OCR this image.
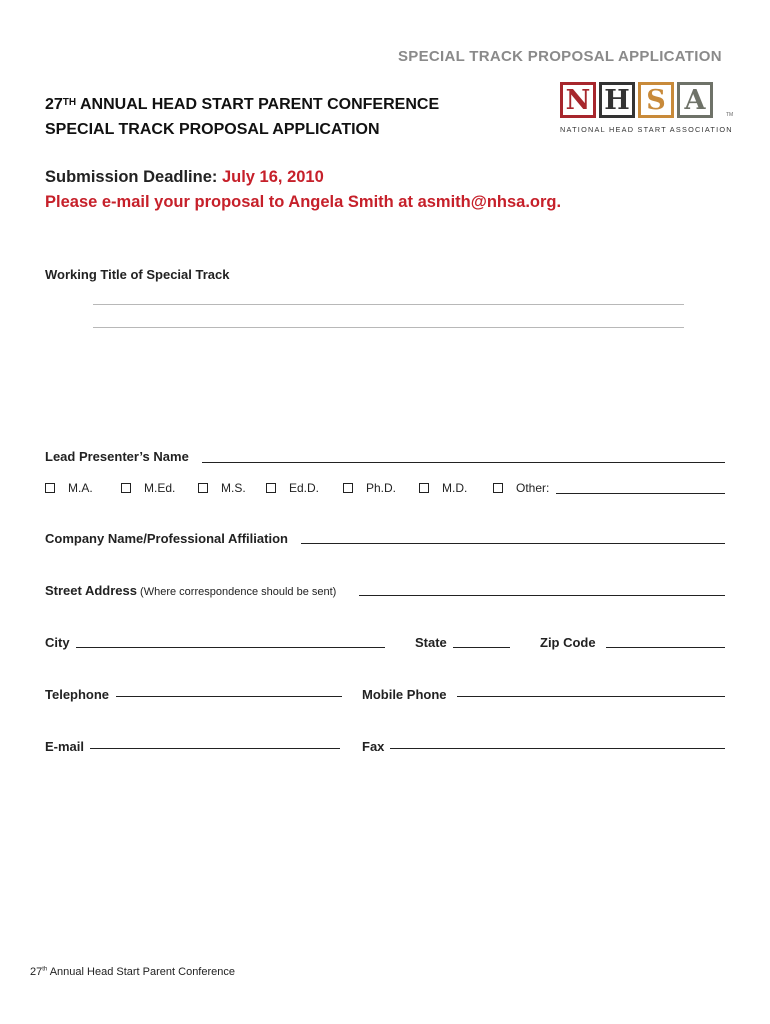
SPECIAL TRACK PROPOSAL APPLICATION
27TH ANNUAL HEAD START PARENT CONFERENCE
SPECIAL TRACK PROPOSAL APPLICATION
N H S A	TM
NATIONAL HEAD START ASSOCIATION
Submission Deadline: July 16, 2010
Please e-mail your proposal to Angela Smith at asmith@nhsa.org.
Working Title of Special Track
Lead Presenter’s Name
M.A.	M.Ed.	M.S.	Ed.D.	Ph.D.	M.D.	Other:
Company Name/Professional Affiliation
Street Address (Where correspondence should be sent)
City	State	Zip Code
Telephone	Mobile Phone
E-mail	Fax
27th Annual Head Start Parent Conference
